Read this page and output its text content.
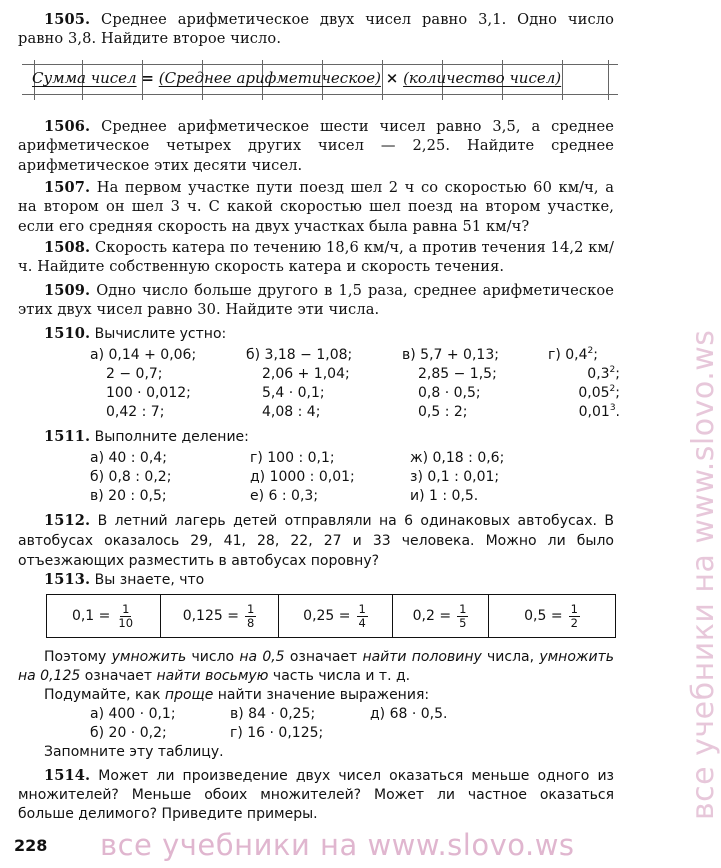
1505. Среднее арифметическое двух чисел равно 3,1. Одно число равно 3,8. Найдите второе число.
Сумма чисел = (Среднее арифметическое) × (количество чисел)
1506. Среднее арифметическое шести чисел равно 3,5, а среднее арифметическое четырех других чисел — 2,25. Найдите среднее арифметическое этих десяти чисел.
1507. На первом участке пути поезд шел 2 ч со скоростью 60 км/ч, а на втором он шел 3 ч. С какой скоростью шел поезд на втором участке, если его средняя скорость на двух участках была равна 51 км/ч?
1508. Скорость катера по течению 18,6 км/ч, а против течения 14,2 км/ч. Найдите собственную скорость катера и скорость течения.
1509. Одно число больше другого в 1,5 раза, среднее арифметическое этих двух чисел равно 30. Найдите эти числа.
1510. Вычислите устно:
а) 0,14 + 0,06;	б) 3,18 − 1,08;	в) 5,7 + 0,13;	г) $0,4^2$;
2 − 0,7;	2,06 + 1,04;	2,85 − 1,5;	$0,3^2$;
100 · 0,012;	5,4 · 0,1;	0,8 · 0,5;	0,05$^2$;
0,42 : 7;	4,08 : 4;	0,5 : 2;	0,01$^3$.
1511. Выполните деление:
а) 40 : 0,4;	г) 100 : 0,1;	ж) 0,18 : 0,6;
б) 0,8 : 0,2;	д) 1000 : 0,01;	з) 0,1 : 0,01;
в) 20 : 0,5;	е) 6 : 0,3;	и) 1 : 0,5.
1512. В летний лагерь детей отправляли на 6 одинаковых автобусах. В автобусах оказалось 29, 41, 28, 22, 27 и 33 человека. Можно ли было отъезжающих разместить в автобусах поровну?
1513. Вы знаете, что
$0,1 = \frac{1}{10}$	$0,125 = \frac{1}{8}$	$0,25 = \frac{1}{4}$	$0,2 = \frac{1}{5}$	$0,5 = \frac{1}{2}$
Поэтому умножить число на 0,5 означает найти половину числа, умножить на 0,125 означает найти восьмую часть числа и т. д.
Подумайте, как проще найти значение выражения:
а) 400 · 0,1;	в) 84 · 0,25;	д) 68 · 0,5.
б) 20 · 0,2;	г) 16 · 0,125;
Запомните эту таблицу.
1514. Может ли произведение двух чисел оказаться меньше одного из множителей? Меньше обоих множителей? Может ли частное оказаться больше делимого? Приведите примеры.
228 все учебники на www.slovo.ws
все учебники на www.slovo.ws
